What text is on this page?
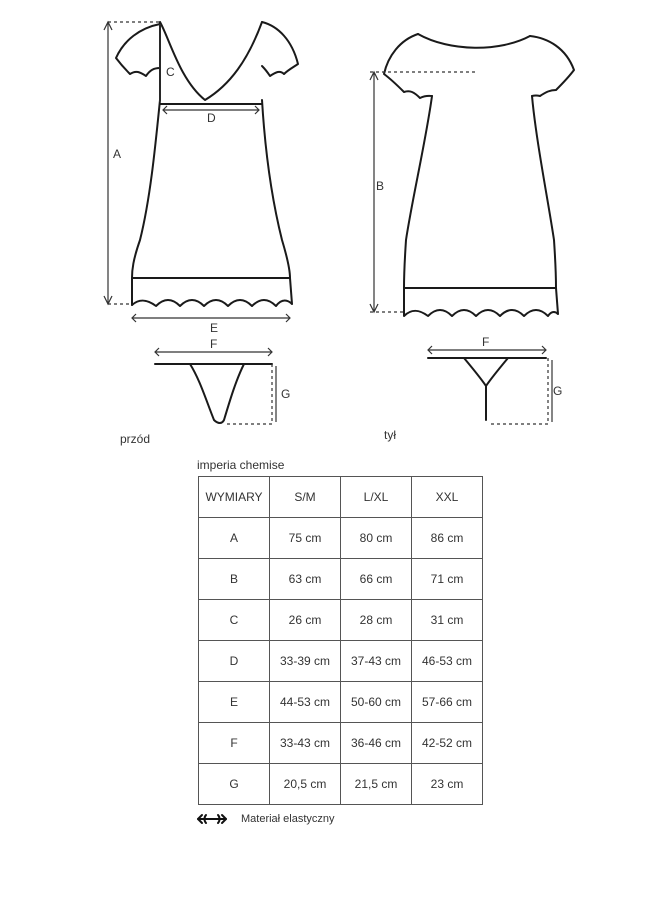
A
C
D
E
F
G
B
F
G
przód	tył
imperia chemise
WYMIARY	S/M	L/XL	XXL
A	75 cm	80 cm	86 cm
B	63 cm	66 cm	71 cm
C	26 cm	28 cm	31 cm
D	33-39 cm	37-43 cm	46-53 cm
E	44-53 cm	50-60 cm	57-66 cm
F	33-43 cm	36-46 cm	42-52 cm
G	20,5 cm	21,5 cm	23 cm
Materiał elastyczny
